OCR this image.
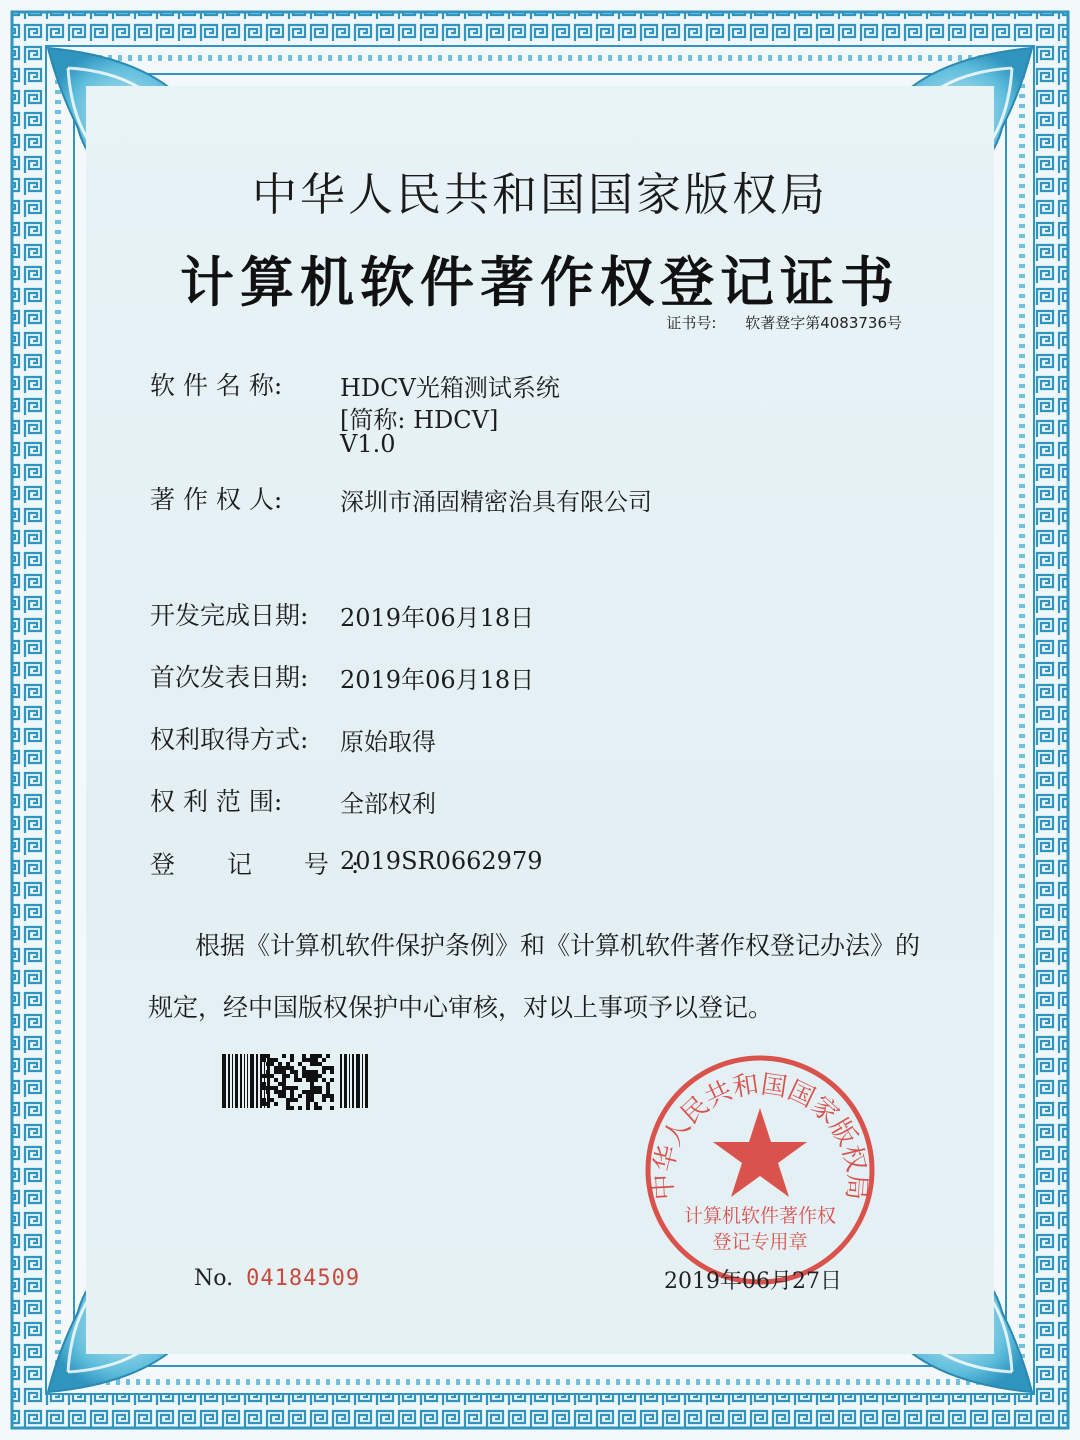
中华人民共和国国家版权局
计算机软件著作权登记证书
证书号: 软著登字第4083736号
软 件 名 称: HDCV光箱测试系统
[简称: HDCV]
V1.0
著 作 权 人: 深圳市涌固精密治具有限公司
开发完成日期: 2019年06月18日
首次发表日期: 2019年06月18日
权利取得方式: 原始取得
权 利 范 围: 全部权利
登 记 号:
2019SR0662979
根据《计算机软件保护条例》和《计算机软件著作权登记办法》的
规定，经中国版权保护中心审核，对以上事项予以登记。
No. 04184509
中华人民共和国国家版权局
计算机软件著作权
登记专用章
2019年06月27日
